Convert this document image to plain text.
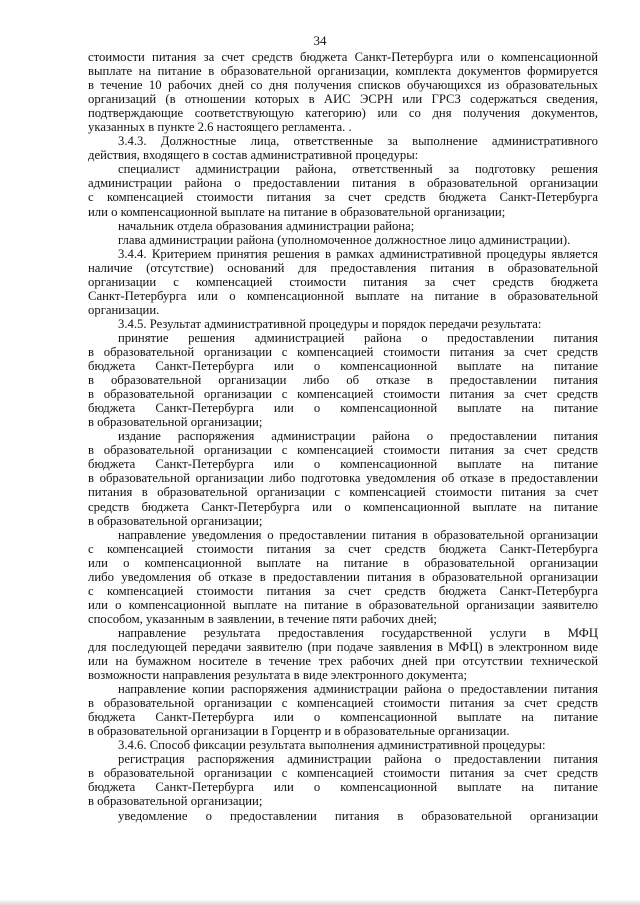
34

стоимости питания за счет средств бюджета Санкт-Петербурга или о компенсационной

выплате на питание в образовательной организации, комплекта документов формируется

в течение 10 рабочих дней со дня получения списков обучающихся из образовательных

организаций (в отношении которых в АИС ЭСРН или ГРСЗ содержаться сведения,

подтверждающие соответствующую категорию) или со дня получения документов,

указанных в пункте 2.6 настоящего регламента. .

3.4.3. Должностные лица, ответственные за выполнение административного

действия, входящего в состав административной процедуры:

специалист администрации района, ответственный за подготовку решения

администрации района о предоставлении питания в образовательной организации

с компенсацией стоимости питания за счет средств бюджета Санкт-Петербурга

или о компенсационной выплате на питание в образовательной организации;

начальник отдела образования администрации района;

глава администрации района (уполномоченное должностное лицо администрации).

3.4.4. Критерием принятия решения в рамках административной процедуры является

наличие (отсутствие) оснований для предоставления питания в образовательной

организации с компенсацией стоимости питания за счет средств бюджета

Санкт-Петербурга или о компенсационной выплате на питание в образовательной

организации.

3.4.5. Результат административной процедуры и порядок передачи результата:

принятие решения администрацией района о предоставлении питания

в образовательной организации с компенсацией стоимости питания за счет средств

бюджета Санкт-Петербурга или о компенсационной выплате на питание

в образовательной организации либо об отказе в предоставлении питания

в образовательной организации с компенсацией стоимости питания за счет средств

бюджета Санкт-Петербурга или о компенсационной выплате на питание

в образовательной организации;

издание распоряжения администрации района о предоставлении питания

в образовательной организации с компенсацией стоимости питания за счет средств

бюджета Санкт-Петербурга или о компенсационной выплате на питание

в образовательной организации либо подготовка уведомления об отказе в предоставлении

питания в образовательной организации с компенсацией стоимости питания за счет

средств бюджета Санкт-Петербурга или о компенсационной выплате на питание

в образовательной организации;

направление уведомления о предоставлении питания в образовательной организации

с компенсацией стоимости питания за счет средств бюджета Санкт-Петербурга

или о компенсационной выплате на питание в образовательной организации

либо уведомления об отказе в предоставлении питания в образовательной организации

с компенсацией стоимости питания за счет средств бюджета Санкт-Петербурга

или о компенсационной выплате на питание в образовательной организации заявителю

способом, указанным в заявлении, в течение пяти рабочих дней;

направление результата предоставления государственной услуги в МФЦ

для последующей передачи заявителю (при подаче заявления в МФЦ) в электронном виде

или на бумажном носителе в течение трех рабочих дней при отсутствии технической

возможности направления результата в виде электронного документа;

направление копии распоряжения администрации района о предоставлении питания

в образовательной организации с компенсацией стоимости питания за счет средств

бюджета Санкт-Петербурга или о компенсационной выплате на питание

в образовательной организации в Горцентр и в образовательные организации.

3.4.6. Способ фиксации результата выполнения административной процедуры:

регистрация распоряжения администрации района о предоставлении питания

в образовательной организации с компенсацией стоимости питания за счет средств

бюджета Санкт-Петербурга или о компенсационной выплате на питание

в образовательной организации;

уведомление о предоставлении питания в образовательной организации
